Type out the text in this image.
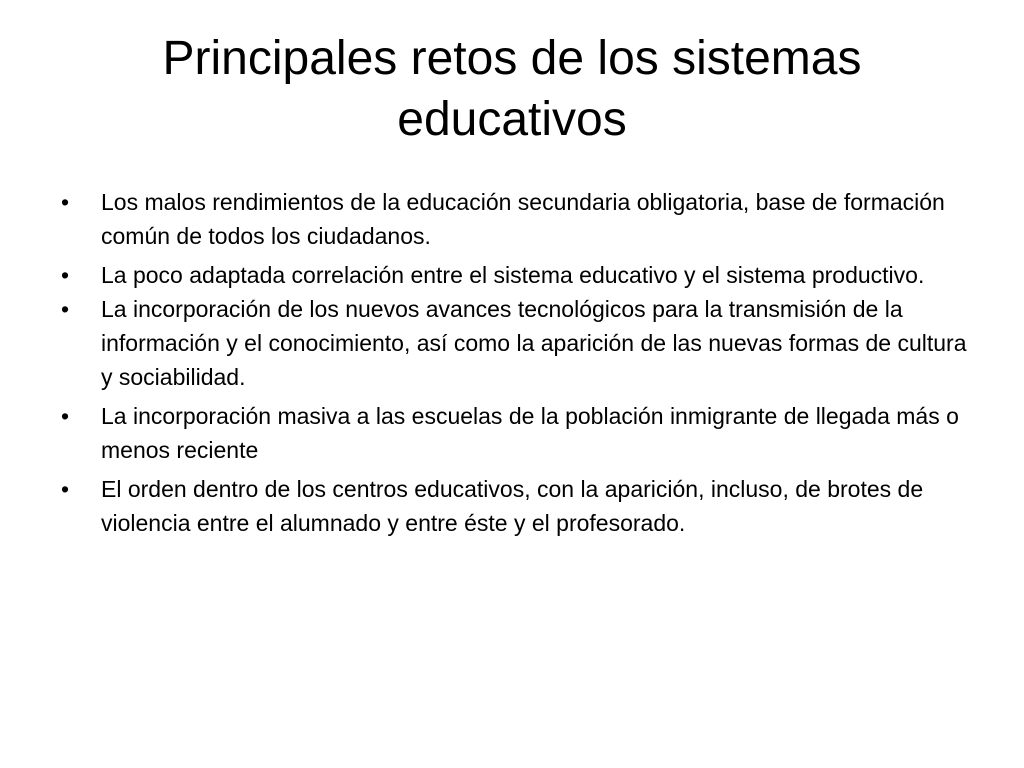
Principales retos de los sistemas educativos
• Los malos rendimientos de la educación secundaria obligatoria, base de formación común de todos los ciudadanos.
• La poco adaptada correlación entre el sistema educativo y el sistema productivo.
• La incorporación de los nuevos avances tecnológicos para la transmisión de la información y el conocimiento, así como la aparición de las nuevas formas de cultura y sociabilidad.
• La incorporación masiva a las escuelas de la población inmigrante de llegada más o menos reciente
• El orden dentro de los centros educativos, con la aparición, incluso, de brotes de violencia entre el alumnado y entre éste y el profesorado.
